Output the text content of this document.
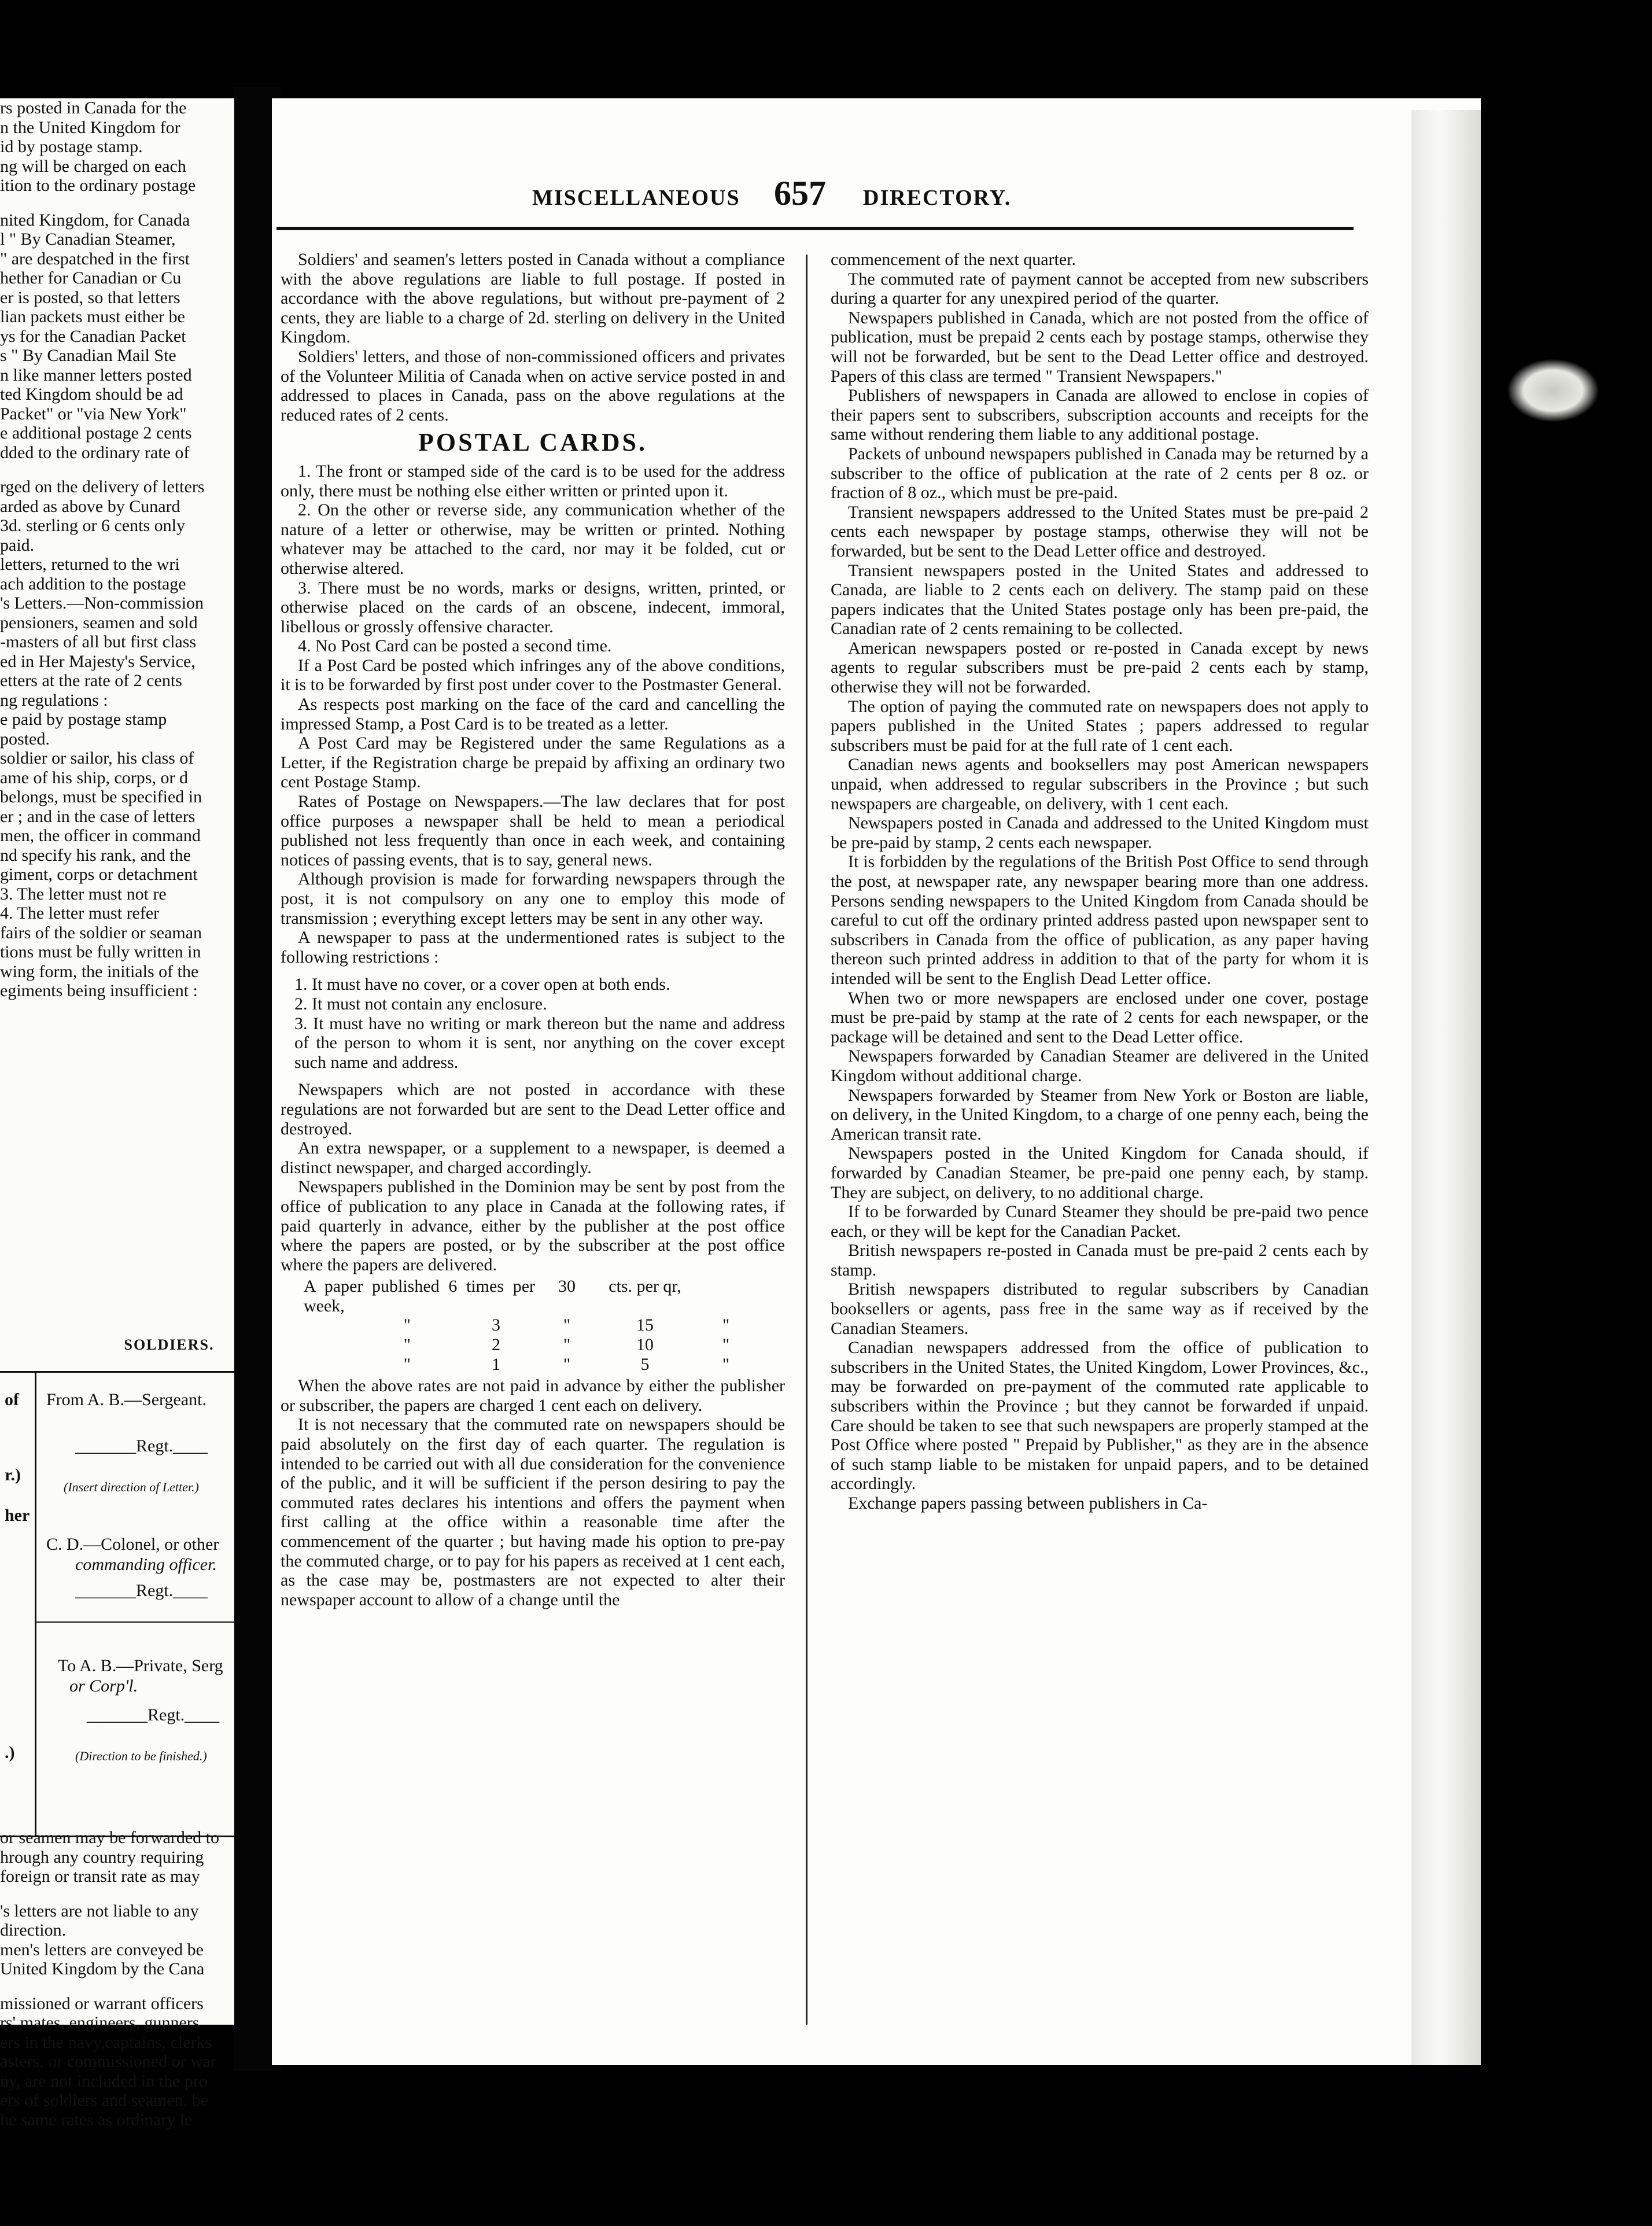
rs posted in Canada for the

n the United Kingdom for

id by postage stamp.

ng will be charged on each

ition to the ordinary postage

nited Kingdom, for Canada

l " By Canadian Steamer,

" are despatched in the first

hether for Canadian or Cu

er is posted, so that letters

lian packets must either be

ys for the Canadian Packet

s " By Canadian Mail Ste

n like manner letters posted

ted Kingdom should be ad

Packet" or "via New York"

e additional postage 2 cents

dded to the ordinary rate of

rged on the delivery of letters

arded as above by Cunard

3d. sterling or 6 cents only

paid.

letters, returned to the wri

ach addition to the postage

's Letters.—Non-commission

pensioners, seamen and sold

-masters of all but first class

ed in Her Majesty's Service,

etters at the rate of 2 cents

ng regulations :

e paid by postage stamp

posted.

soldier or sailor, his class of

ame of his ship, corps, or d

belongs, must be specified in

er ; and in the case of letters

men, the officer in command

nd specify his rank, and the

giment, corps or detachment

3. The letter must not re

4. The letter must refer

fairs of the soldier or seaman

tions must be fully written in

wing form, the initials of the

egiments being insufficient :

SOLDIERS.
of From A. B.—Sergeant.
_______Regt.____
r.)
(Insert direction of Letter.)
her
C. D.—Colonel, or other
commanding officer.
_______Regt.____
To A. B.—Private, Serg
or Corp'l.
_______Regt.____
.)	(Direction to be finished.)

or seamen may be forwarded to

hrough any country requiring

foreign or transit rate as may

's letters are not liable to any

direction.

men's letters are conveyed be

United Kingdom by the Cana

missioned or warrant officers

rs' mates, engineers, gunners

ers in the navy,captains, clerks

asters, or commissioned or war

ny, are not included in the pro

ers of soldiers and seamen, be

he same rates as ordinary le

MISCELLANEOUS 657 DIRECTORY.

Soldiers' and seamen's letters posted in Canada without a compliance with the above regulations are liable to full postage. If posted in accordance with the above regulations, but without pre-payment of 2 cents, they are liable to a charge of 2d. sterling on delivery in the United Kingdom.

Soldiers' letters, and those of non-commissioned officers and privates of the Volunteer Militia of Canada when on active service posted in and addressed to places in Canada, pass on the above regulations at the reduced rates of 2 cents.

POSTAL CARDS.

1. The front or stamped side of the card is to be used for the address only, there must be nothing else either written or printed upon it.

2. On the other or reverse side, any communication whether of the nature of a letter or otherwise, may be written or printed. Nothing whatever may be attached to the card, nor may it be folded, cut or otherwise altered.

3. There must be no words, marks or designs, written, printed, or otherwise placed on the cards of an obscene, indecent, immoral, libellous or grossly offensive character.

4. No Post Card can be posted a second time.

If a Post Card be posted which infringes any of the above conditions, it is to be forwarded by first post under cover to the Postmaster General.

As respects post marking on the face of the card and cancelling the impressed Stamp, a Post Card is to be treated as a letter.

A Post Card may be Registered under the same Regulations as a Letter, if the Registration charge be prepaid by affixing an ordinary two cent Postage Stamp.

Rates of Postage on Newspapers.—The law declares that for post office purposes a newspaper shall be held to mean a periodical published not less frequently than once in each week, and containing notices of passing events, that is to say, general news.

Although provision is made for forwarding newspapers through the post, it is not compulsory on any one to employ this mode of transmission ; everything except letters may be sent in any other way.

A newspaper to pass at the undermentioned rates is subject to the following restrictions :

1. It must have no cover, or a cover open at both ends.

2. It must not contain any enclosure.

3. It must have no writing or mark thereon but the name and address of the person to whom it is sent, nor anything on the cover except such name and address.

Newspapers which are not posted in accordance with these regulations are not forwarded but are sent to the Dead Letter office and destroyed.

An extra newspaper, or a supplement to a newspaper, is deemed a distinct newspaper, and charged accordingly.

Newspapers published in the Dominion may be sent by post from the office of publication to any place in Canada at the following rates, if paid quarterly in advance, either by the publisher at the post office where the papers are posted, or by the subscriber at the post office where the papers are delivered.

A paper published 6 times per week,
30	cts. per qr,
"	3	"	15	"
"	2	"	10	"
"	1	"	5	"

When the above rates are not paid in advance by either the publisher or subscriber, the papers are charged 1 cent each on delivery.

It is not necessary that the commuted rate on newspapers should be paid absolutely on the first day of each quarter. The regulation is intended to be carried out with all due consideration for the convenience of the public, and it will be sufficient if the person desiring to pay the commuted rates declares his intentions and offers the payment when first calling at the office within a reasonable time after the commencement of the quarter ; but having made his option to pre-pay the commuted charge, or to pay for his papers as received at 1 cent each, as the case may be, postmasters are not expected to alter their newspaper account to allow of a change until the

commencement of the next quarter.

The commuted rate of payment cannot be accepted from new subscribers during a quarter for any unexpired period of the quarter.

Newspapers published in Canada, which are not posted from the office of publication, must be prepaid 2 cents each by postage stamps, otherwise they will not be forwarded, but be sent to the Dead Letter office and destroyed. Papers of this class are termed " Transient Newspapers."

Publishers of newspapers in Canada are allowed to enclose in copies of their papers sent to subscribers, subscription accounts and receipts for the same without rendering them liable to any additional postage.

Packets of unbound newspapers published in Canada may be returned by a subscriber to the office of publication at the rate of 2 cents per 8 oz. or fraction of 8 oz., which must be pre-paid.

Transient newspapers addressed to the United States must be pre-paid 2 cents each newspaper by postage stamps, otherwise they will not be forwarded, but be sent to the Dead Letter office and destroyed.

Transient newspapers posted in the United States and addressed to Canada, are liable to 2 cents each on delivery. The stamp paid on these papers indicates that the United States postage only has been pre-paid, the Canadian rate of 2 cents remaining to be collected.

American newspapers posted or re-posted in Canada except by news agents to regular subscribers must be pre-paid 2 cents each by stamp, otherwise they will not be forwarded.

The option of paying the commuted rate on newspapers does not apply to papers published in the United States ; papers addressed to regular subscribers must be paid for at the full rate of 1 cent each.

Canadian news agents and booksellers may post American newspapers unpaid, when addressed to regular subscribers in the Province ; but such newspapers are chargeable, on delivery, with 1 cent each.

Newspapers posted in Canada and addressed to the United Kingdom must be pre-paid by stamp, 2 cents each newspaper.

It is forbidden by the regulations of the British Post Office to send through the post, at newspaper rate, any newspaper bearing more than one address. Persons sending newspapers to the United Kingdom from Canada should be careful to cut off the ordinary printed address pasted upon newspaper sent to subscribers in Canada from the office of publication, as any paper having thereon such printed address in addition to that of the party for whom it is intended will be sent to the English Dead Letter office.

When two or more newspapers are enclosed under one cover, postage must be pre-paid by stamp at the rate of 2 cents for each newspaper, or the package will be detained and sent to the Dead Letter office.

Newspapers forwarded by Canadian Steamer are delivered in the United Kingdom without additional charge.

Newspapers forwarded by Steamer from New York or Boston are liable, on delivery, in the United Kingdom, to a charge of one penny each, being the American transit rate.

Newspapers posted in the United Kingdom for Canada should, if forwarded by Canadian Steamer, be pre-paid one penny each, by stamp. They are subject, on delivery, to no additional charge.

If to be forwarded by Cunard Steamer they should be pre-paid two pence each, or they will be kept for the Canadian Packet.

British newspapers re-posted in Canada must be pre-paid 2 cents each by stamp.

British newspapers distributed to regular subscribers by Canadian booksellers or agents, pass free in the same way as if received by the Canadian Steamers.

Canadian newspapers addressed from the office of publication to subscribers in the United States, the United Kingdom, Lower Provinces, &c., may be forwarded on pre-payment of the commuted rate applicable to subscribers within the Province ; but they cannot be forwarded if unpaid. Care should be taken to see that such newspapers are properly stamped at the Post Office where posted " Prepaid by Publisher," as they are in the absence of such stamp liable to be mistaken for unpaid papers, and to be detained accordingly.

Exchange papers passing between publishers in Ca-
